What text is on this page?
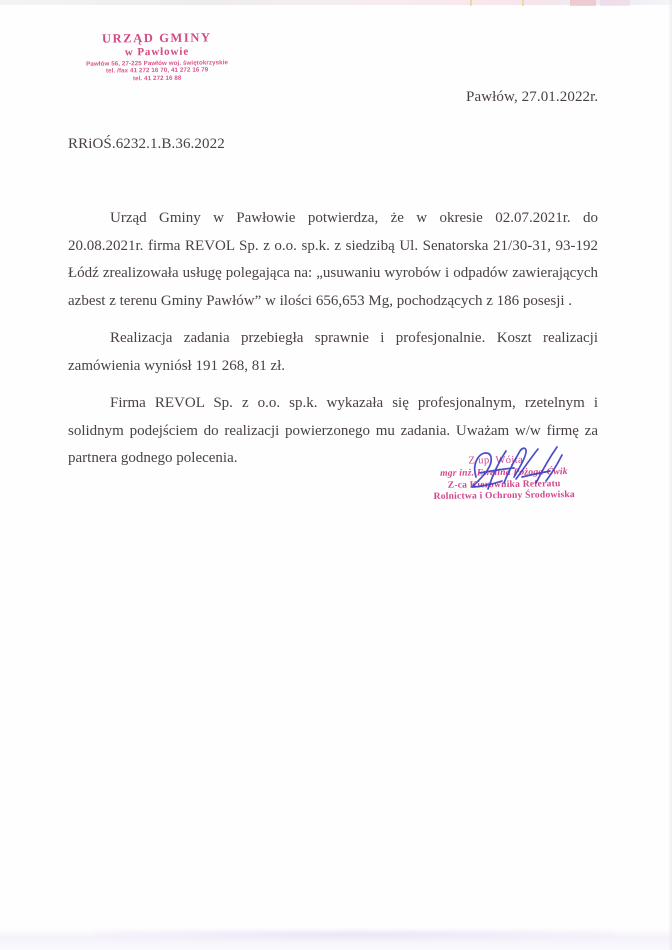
URZĄD GMINY
w Pawłowie
Pawłów 56, 27-225 Pawłów woj. świętokrzyskie
tel. /fax 41 272 16 70, 41 272 16 79
tel. 41 272 16 88
Pawłów, 27.01.2022r.
RRiOŚ.6232.1.B.36.2022

Urząd Gminy w Pawłowie potwierdza, że w okresie 02.07.2021r. do 20.08.2021r. firma REVOL Sp. z o.o. sp.k. z siedzibą Ul. Senatorska 21/30-31, 93-192 Łódź zrealizowała usługę polegająca na: „usuwaniu wyrobów i odpadów zawierających azbest z terenu Gminy Pawłów” w ilości 656,653 Mg, pochodzących z 186 posesji .

Realizacja zadania przebiegła sprawnie i profesjonalnie. Koszt realizacji zamówienia wyniósł 191 268, 81 zł.

Firma REVOL Sp. z o.o. sp.k. wykazała się profesjonalnym, rzetelnym i solidnym podejściem do realizacji powierzonego mu zadania. Uważam w/w firmę za partnera godnego polecenia.	Z up. Wójta
mgr inż. Ewelina Pożoga-Ćwik
Z-ca Kierownika Referatu
Rolnictwa i Ochrony Środowiska
